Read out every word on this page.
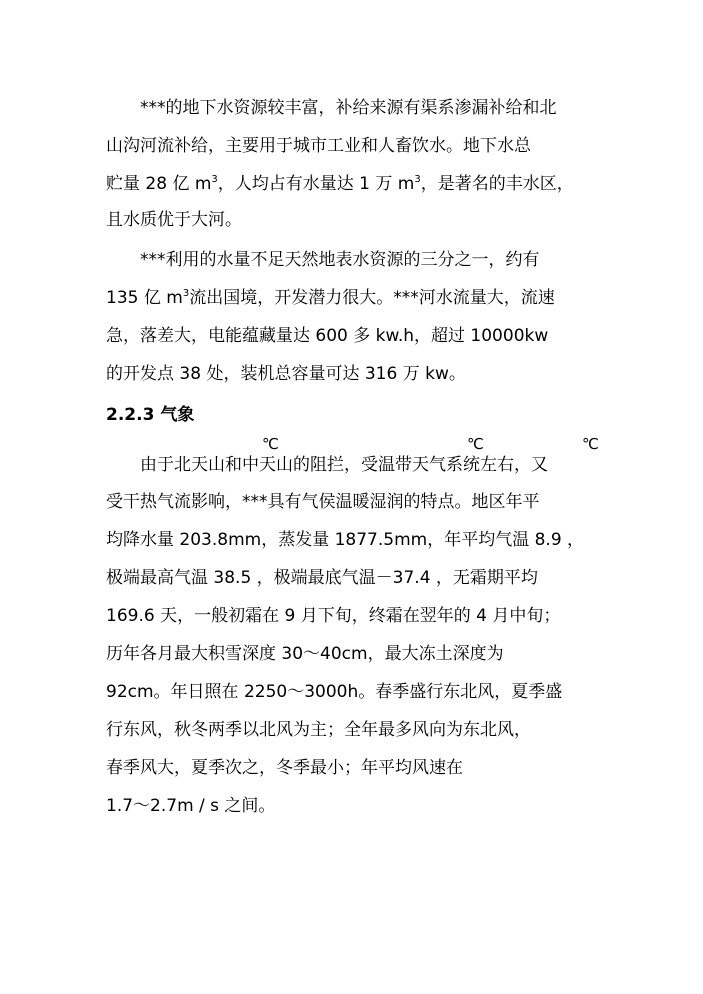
***的地下水资源较丰富，补给来源有渠系渗漏补给和北
山沟河流补给，主要用于城市工业和人畜饮水。地下水总
贮量 28 亿 $m^3$，人均占有水量达 1 万 $m^3$，是著名的丰水区，
且水质优于大河。
***利用的水量不足天然地表水资源的三分之一，约有
135 亿 $m^3$流出国境，开发潜力很大。***河水流量大，流速
急，落差大，电能蕴藏量达 600 多 kw.h，超过 10000kw
的开发点 38 处，装机总容量可达 316 万 kw。
2.2.3 气象
℃	℃	℃
由于北天山和中天山的阻拦，受温带天气系统左右，又
受干热气流影响，***具有气侯温暖湿润的特点。地区年平
均降水量 203.8mm，蒸发量 1877.5mm，年平均气温 8.9 ，
极端最高气温 38.5 ，极端最底气温－37.4 ，无霜期平均
169.6 天，一般初霜在 9 月下旬，终霜在翌年的 4 月中旬；
历年各月最大积雪深度 30～40cm，最大冻土深度为
92cm。年日照在 2250～3000h。春季盛行东北风，夏季盛
行东风，秋冬两季以北风为主；全年最多风向为东北风，
春季风大，夏季次之，冬季最小；年平均风速在
1.7～2.7m / s 之间。
